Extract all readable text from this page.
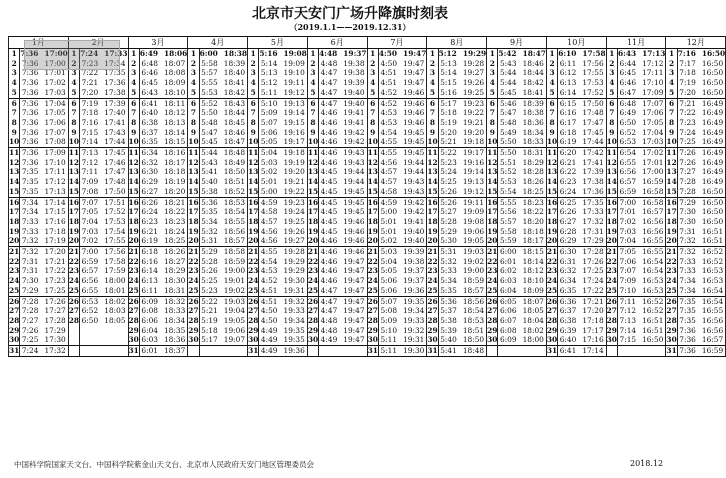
北京市天安门广场升降旗时刻表
（2019.1.1——2019.12.31）
1月			2月			3月			4月			5月			6月			7月			8月			9月			10月			11月			12月		
1	7:36	17:00	1	7:24	17:33	1	6:49	18:06	1	6:00	18:38	1	5:16	19:08	1	4:48	19:37	1	4:50	19:47	1	5:12	19:29	1	5:42	18:47	1	6:10	17:58	1	6:43	17:13	1	7:16	16:50
2	7:36	17:00	2	7:23	17:34	2	6:48	18:07	2	5:58	18:39	2	5:14	19:09	2	4:48	19:38	2	4:50	19:47	2	5:13	19:28	2	5:43	18:46	2	6:11	17:56	2	6:44	17:12	2	7:17	16:50
3	7:36	17:01	3	7:22	17:35	3	6:46	18:08	3	5:57	18:40	3	5:13	19:10	3	4:47	19:38	3	4:51	19:47	3	5:14	19:27	3	5:44	18:44	3	6:12	17:55	3	6:45	17:11	3	7:18	16:50
4	7:36	17:02	4	7:21	17:36	4	6:45	18:09	4	5:55	18:41	4	5:12	19:11	4	4:47	19:39	4	4:51	19:47	4	5:15	19:26	4	5:44	18:42	4	6:13	17:53	4	6:46	17:10	4	7:19	16:50
5	7:36	17:03	5	7:20	17:38	5	6:43	18:10	5	5:53	18:42	5	5:11	19:12	5	4:47	19:40	5	4:52	19:46	5	5:16	19:25	5	5:45	18:41	5	6:14	17:52	5	6:47	17:09	5	7:20	16:50
6	7:36	17:04	6	7:19	17:39	6	6:41	18:11	6	5:52	18:43	6	5:10	19:13	6	4:47	19:40	6	4:52	19:46	6	5:17	19:23	6	5:46	18:39	6	6:15	17:50	6	6:48	17:07	6	7:21	16:49
7	7:36	17:05	7	7:18	17:40	7	6:40	18:12	7	5:50	18:44	7	5:09	19:14	7	4:46	19:41	7	4:53	19:46	7	5:18	19:22	7	5:47	18:38	7	6:16	17:48	7	6:49	17:06	7	7:22	16:49
8	7:36	17:06	8	7:16	17:41	8	6:38	18:13	8	5:48	18:45	8	5:07	19:15	8	4:46	19:41	8	4:53	19:46	8	5:19	19:21	8	5:48	18:36	8	6:17	17:47	8	6:50	17:05	8	7:23	16:49
9	7:36	17:07	9	7:15	17:43	9	6:37	18:14	9	5:47	18:46	9	5:06	19:16	9	4:46	19:42	9	4:54	19:45	9	5:20	19:20	9	5:49	18:34	9	6:18	17:45	9	6:52	17:04	9	7:24	16:49
10	7:36	17:08	10	7:14	17:44	10	6:35	18:15	10	5:45	18:47	10	5:05	19:17	10	4:46	19:42	10	4:55	19:45	10	5:21	19:18	10	5:50	18:33	10	6:19	17:44	10	6:53	17:03	10	7:25	16:49
11	7:36	17:09	11	7:13	17:45	11	6:34	18:16	11	5:44	18:48	11	5:04	19:18	11	4:46	19:43	11	4:55	19:45	11	5:22	19:17	11	5:50	18:31	11	6:20	17:42	11	6:54	17:02	11	7:26	16:49
12	7:36	17:10	12	7:12	17:46	12	6:32	18:17	12	5:43	18:49	12	5:03	19:19	12	4:46	19:43	12	4:56	19:44	12	5:23	19:16	12	5:51	18:29	12	6:21	17:41	12	6:55	17:01	12	7:26	16:49
13	7:35	17:11	13	7:11	17:47	13	6:30	18:18	13	5:41	18:50	13	5:02	19:20	13	4:45	19:44	13	4:57	19:44	13	5:24	19:14	13	5:52	18:28	13	6:22	17:39	13	6:56	17:00	13	7:27	16:49
14	7:35	17:12	14	7:09	17:48	14	6:29	18:19	14	5:40	18:51	14	5:01	19:21	14	4:45	19:44	14	4:57	19:43	14	5:25	19:13	14	5:53	18:26	14	6:23	17:38	14	6:57	16:59	14	7:28	16:49
15	7:35	17:13	15	7:08	17:50	15	6:27	18:20	15	5:38	18:52	15	5:00	19:22	15	4:45	19:45	15	4:58	19:43	15	5:26	19:12	15	5:54	18:25	15	6:24	17:36	15	6:59	16:58	15	7:28	16:50
16	7:34	17:14	16	7:07	17:51	16	6:26	18:21	16	5:36	18:53	16	4:59	19:23	16	4:45	19:45	16	4:59	19:42	16	5:26	19:11	16	5:55	18:23	16	6:25	17:35	16	7:00	16:58	16	7:29	16:50
17	7:34	17:15	17	7:05	17:52	17	6:24	18:22	17	5:35	18:54	17	4:58	19:24	17	4:45	19:45	17	5:00	19:42	17	5:27	19:09	17	5:56	18:22	17	6:26	17:33	17	7:01	16:57	17	7:30	16:50
18	7:33	17:16	18	7:04	17:53	18	6:23	18:23	18	5:34	18:55	18	4:57	19:25	18	4:45	19:46	18	5:01	19:41	18	5:28	19:08	18	5:57	18:20	18	6:27	17:32	18	7:02	16:56	18	7:30	16:50
19	7:33	17:18	19	7:03	17:54	19	6:21	18:24	19	5:32	18:56	19	4:56	19:26	19	4:45	19:46	19	5:01	19:40	19	5:29	19:06	19	5:58	18:18	19	6:28	17:31	19	7:03	16:56	19	7:31	16:51
20	7:32	17:19	20	7:02	17:55	20	6:19	18:25	20	5:31	18:57	20	4:56	19:27	20	4:46	19:46	20	5:02	19:40	20	5:30	19:05	20	5:59	18:17	20	6:29	17:29	20	7:04	16:55	20	7:32	16:51
21	7:32	17:20	21	7:00	17:56	21	6:18	18:26	21	5:29	18:58	21	4:55	19:28	21	4:46	19:46	21	5:03	19:39	21	5:31	19:03	21	6:00	18:15	21	6:30	17:28	21	7:05	16:55	21	7:32	16:52
22	7:31	17:21	22	6:59	17:58	22	6:16	18:27	22	5:28	18:59	22	4:54	19:29	22	4:46	19:47	22	5:04	19:38	22	5:32	19:02	22	6:01	18:14	22	6:31	17:26	22	7:06	16:54	22	7:33	16:52
23	7:31	17:22	23	6:57	17:59	23	6:14	18:29	23	5:26	19:00	23	4:53	19:29	23	4:46	19:47	23	5:05	19:37	23	5:33	19:00	23	6:02	18:12	23	6:32	17:25	23	7:07	16:54	23	7:33	16:53
24	7:30	17:23	24	6:56	18:00	24	6:13	18:30	24	5:25	19:01	24	4:52	19:30	24	4:46	19:47	24	5:06	19:37	24	5:34	18:59	24	6:03	18:10	24	6:34	17:24	24	7:09	16:53	24	7:34	16:53
25	7:29	17:25	25	6:55	18:01	25	6:11	18:31	25	5:23	19:02	25	4:51	19:31	25	4:47	19:47	25	5:06	19:36	25	5:35	18:57	25	6:04	18:09	25	6:35	17:22	25	7:10	16:53	25	7:34	16:54
26	7:28	17:26	26	6:53	18:02	26	6:09	18:32	26	5:22	19:03	26	4:51	19:32	26	4:47	19:47	26	5:07	19:35	26	5:36	18:56	26	6:05	18:07	26	6:36	17:21	26	7:11	16:52	26	7:35	16:54
27	7:28	17:27	27	6:52	18:03	27	6:08	18:33	27	5:21	19:04	27	4:50	19:33	27	4:47	19:47	27	5:08	19:34	27	5:37	18:54	27	6:06	18:05	27	6:37	17:20	27	7:12	16:52	27	7:35	16:55
28	7:27	17:28	28	6:50	18:05	28	6:06	18:34	28	5:19	19:05	28	4:50	19:34	28	4:48	19:47	28	5:09	19:33	28	5:38	18:53	28	6:07	18:04	28	6:38	17:18	28	7:13	16:51	28	7:35	16:56
29	7:26	17:29				29	6:04	18:35	29	5:18	19:06	29	4:49	19:35	29	4:48	19:47	29	5:10	19:32	29	5:39	18:51	29	6:08	18:02	29	6:39	17:17	29	7:14	16:51	29	7:36	16:56
30	7:25	17:30				30	6:03	18:36	30	5:17	19:07	30	4:49	19:35	30	4:49	19:47	30	5:11	19:31	30	5:40	18:50	30	6:09	18:00	30	6:40	17:16	30	7:15	16:50	30	7:36	16:57
31	7:24	17:32				31	6:01	18:37				31	4:49	19:36				31	5:11	19:30	31	5:41	18:48				31	6:41	17:14				31	7:36	16:59
中国科学院国家天文台、中国科学院紫金山天文台、北京市人民政府天安门地区管理委员会	2018.12
